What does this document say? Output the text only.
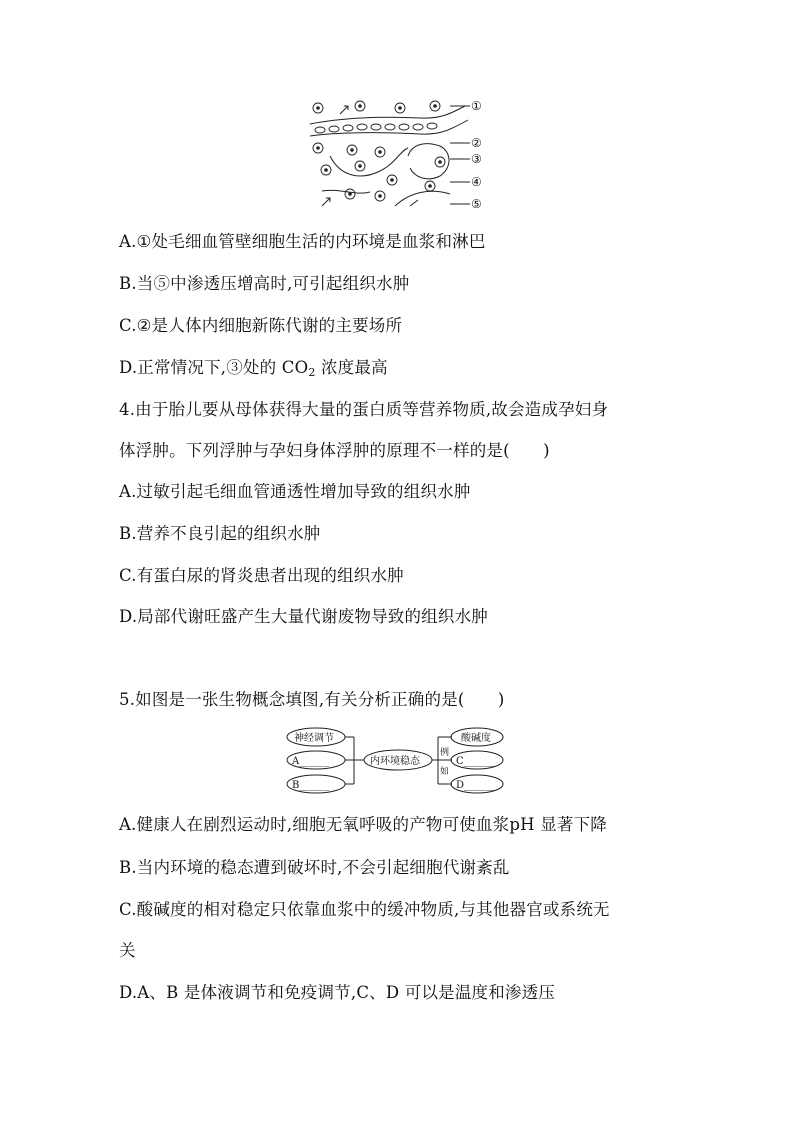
①
②
③
④
⑤
A.①处毛细血管壁细胞生活的内环境是血浆和淋巴
B.当⑤中渗透压增高时,可引起组织水肿
C.②是人体内细胞新陈代谢的主要场所
D.正常情况下,③处的 $CO_2$ 浓度最高
4.由于胎儿要从母体获得大量的蛋白质等营养物质,故会造成孕妇身
体浮肿。下列浮肿与孕妇身体浮肿的原理不一样的是(　　)
A.过敏引起毛细血管通透性增加导致的组织水肿
B.营养不良引起的组织水肿
C.有蛋白尿的肾炎患者出现的组织水肿
D.局部代谢旺盛产生大量代谢废物导致的组织水肿
5.如图是一张生物概念填图,有关分析正确的是(　　)
神经调节
A______
B______
内环境稳态
例
如
酸碱度
C______
D______
A.健康人在剧烈运动时,细胞无氧呼吸的产物可使血浆pH 显著下降
B.当内环境的稳态遭到破坏时,不会引起细胞代谢紊乱
C.酸碱度的相对稳定只依靠血浆中的缓冲物质,与其他器官或系统无
关
D.A、B 是体液调节和免疫调节,C、D 可以是温度和渗透压
